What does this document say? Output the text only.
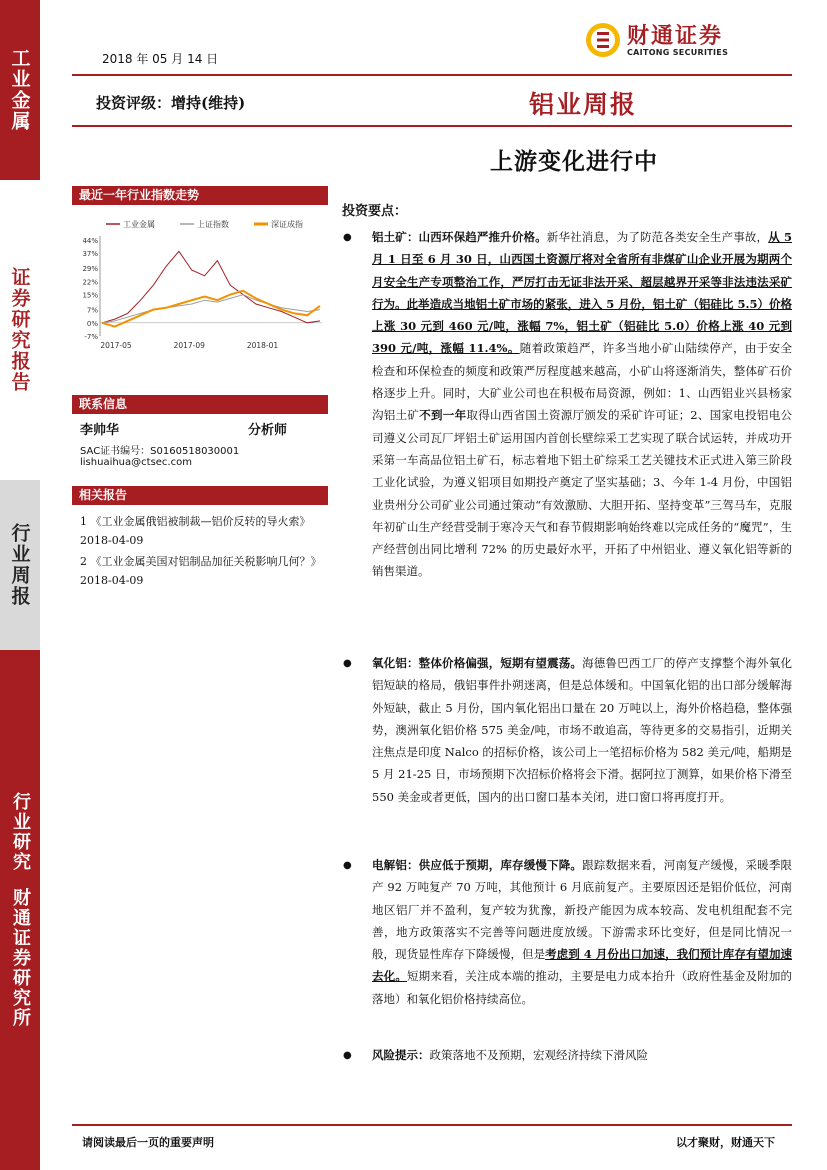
工业金属
证券研究报告
行业周报
行业研究
财通证券研究所
2018 年 05 月 14 日
财通证券
CAITONG SECURITIES
投资评级：增持(维持)	铝业周报
上游变化进行中
最近一年行业指数走势
工业金属	上证指数	深证成指
44%
37%
29%
22%
15%
7%
0%
-7%
2017-05	2017-09	2018-01
联系信息
李帅华	分析师
SAC证书编号：S0160518030001
lishuaihua@ctsec.com
相关报告
1 《工业金属俄铝被制裁—铝价反转的导火索》 2018-04-09
2 《工业金属美国对铝制品加征关税影响几何？》 2018-04-09
投资要点：
● 铝土矿：山西环保趋严推升价格。新华社消息，为了防范各类安全生产事故，从 5 月 1 日至 6 月 30 日，山西国土资源厅将对全省所有非煤矿山企业开展为期两个月安全生产专项整治工作，严厉打击无证非法开采、超层越界开采等非法违法采矿行为。此举造成当地铝土矿市场的紧张，进入 5 月份，铝土矿（铝硅比 5.5）价格上涨 30 元到 460 元/吨，涨幅 7%，铝土矿（铝硅比 5.0）价格上涨 40 元到 390 元/吨，涨幅 11.4%。随着政策趋严，许多当地小矿山陆续停产，由于安全检查和环保检查的频度和政策严厉程度越来越高，小矿山将逐渐消失，整体矿石价格逐步上升。同时，大矿业公司也在积极布局资源，例如：1、山西铝业兴县杨家沟铝土矿不到一年取得山西省国土资源厅颁发的采矿许可证；2、国家电投铝电公司遵义公司瓦厂坪铝土矿运用国内首创长壁综采工艺实现了联合试运转，并成功开采第一车高品位铝土矿石，标志着地下铝土矿综采工艺关键技术正式进入第三阶段工业化试验，为遵义铝项目如期投产奠定了坚实基础；3、今年 1-4 月份，中国铝业贵州分公司矿业公司通过策动“有效激励、大胆开拓、坚持变革”三驾马车，克服年初矿山生产经营受制于寒冷天气和春节假期影响始终难以完成任务的“魔咒”，生产经营创出同比增利 72% 的历史最好水平，开拓了中州铝业、遵义氧化铝等新的销售渠道。
● 氧化铝：整体价格偏强，短期有望震荡。海德鲁巴西工厂的停产支撑整个海外氧化铝短缺的格局，俄铝事件扑朔迷离，但是总体缓和。中国氧化铝的出口部分缓解海外短缺，截止 5 月份，国内氧化铝出口量在 20 万吨以上，海外价格趋稳，整体强势，澳洲氧化铝价格 575 美金/吨，市场不敢追高，等待更多的交易指引，近期关注焦点是印度 Nalco 的招标价格，该公司上一笔招标价格为 582 美元/吨，船期是 5 月 21-25 日，市场预期下次招标价格将会下滑。据阿拉丁测算，如果价格下滑至 550 美金或者更低，国内的出口窗口基本关闭，进口窗口将再度打开。
● 电解铝：供应低于预期，库存缓慢下降。跟踪数据来看，河南复产缓慢，采暖季限产 92 万吨复产 70 万吨，其他预计 6 月底前复产。主要原因还是铝价低位，河南地区铝厂并不盈利，复产较为犹豫，新投产能因为成本较高、发电机组配套不完善，地方政策落实不完善等问题进度放缓。下游需求环比变好，但是同比情况一般，现货显性库存下降缓慢，但是考虑到 4 月份出口加速，我们预计库存有望加速去化。短期来看，关注成本端的推动，主要是电力成本抬升（政府性基金及附加的落地）和氧化铝价格持续高位。
● 风险提示：政策落地不及预期，宏观经济持续下滑风险
请阅读最后一页的重要声明	以才聚财，财通天下
